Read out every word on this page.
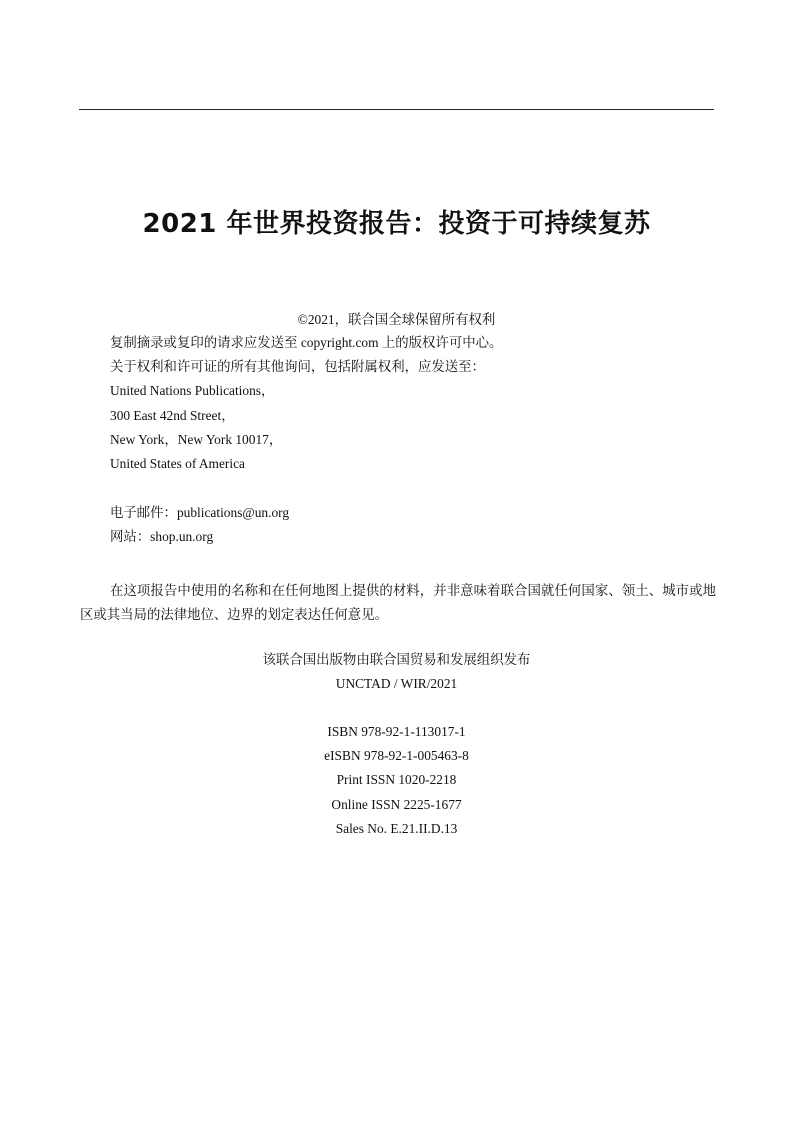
2021 年世界投资报告：投资于可持续复苏
©2021，联合国全球保留所有权利
复制摘录或复印的请求应发送至 copyright.com 上的版权许可中心。
关于权利和许可证的所有其他询问，包括附属权利，应发送至：
United Nations Publications，
300 East 42nd Street，
New York，New York 10017，
United States of America
电子邮件：publications@un.org
网站：shop.un.org
在这项报告中使用的名称和在任何地图上提供的材料，并非意味着联合国就任何国家、领土、城市或地区或其当局的法律地位、边界的划定表达任何意见。
该联合国出版物由联合国贸易和发展组织发布
UNCTAD / WIR/2021
ISBN 978-92-1-113017-1
eISBN 978-92-1-005463-8
Print ISSN 1020-2218
Online ISSN 2225-1677
Sales No. E.21.II.D.13
